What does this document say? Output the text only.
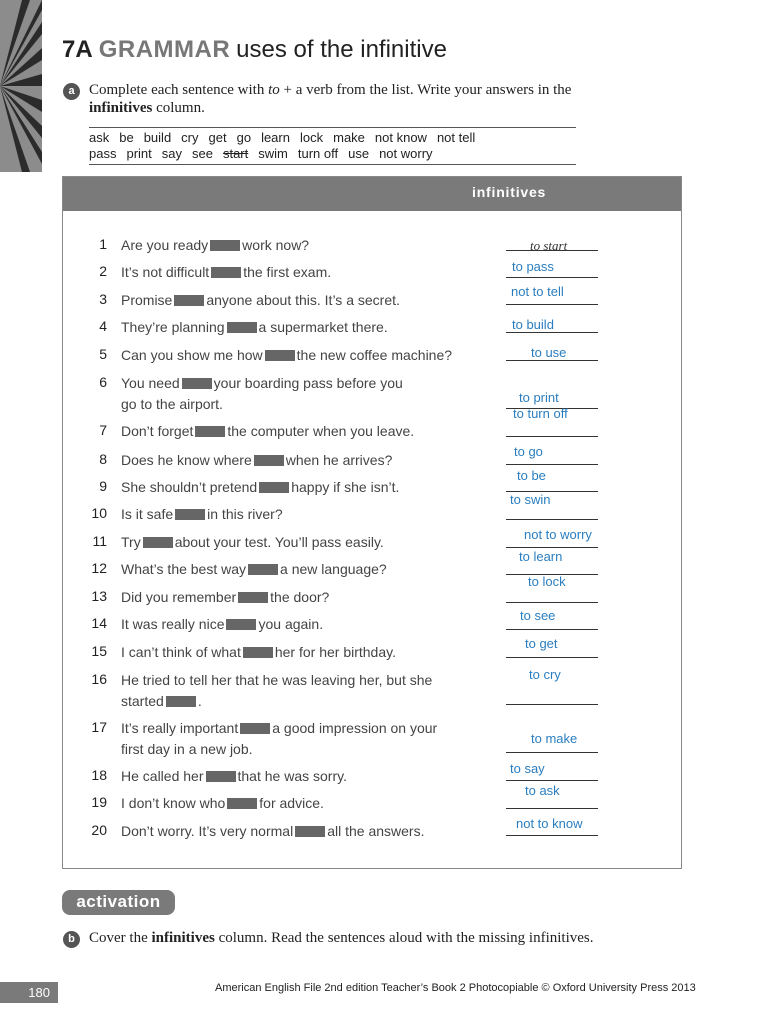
7A GRAMMAR uses of the infinitive
a Complete each sentence with to + a verb from the list. Write your answers in the infinitives column.
ask be build cry get go learn lock make not know not tell
pass print say see start swim turn off use not worry
infinitives
1 Are you ready work now?
2 It’s not difficult the first exam.
3 Promise anyone about this. It’s a secret.
4 They’re planning a supermarket there.
5 Can you show me how the new coffee machine?
6 You need your boarding pass before you
go to the airport.
7 Don’t forget the computer when you leave.
8 Does he know where when he arrives?
9 She shouldn’t pretend happy if she isn’t.
10 Is it safe in this river?
11 Try about your test. You’ll pass easily.
12 What’s the best way a new language?
13 Did you remember the door?
14 It was really nice you again.
15 I can’t think of what her for her birthday.
16 He tried to tell her that he was leaving her, but she
started .
17 It’s really important a good impression on your
first day in a new job.
18 He called her that he was sorry.
19 I don’t know who for advice.
20 Don’t worry. It’s very normal all the answers.
to start
to pass
not to tell
to build
to use
to print
to turn off
to go
to be
to swin
not to worry
to learn
to lock
to see
to get
to cry
to make
to say
to ask
not to know
activation
b Cover the infinitives column. Read the sentences aloud with the missing infinitives.
180	American English File 2nd edition Teacher’s Book 2 Photocopiable © Oxford University Press 2013
